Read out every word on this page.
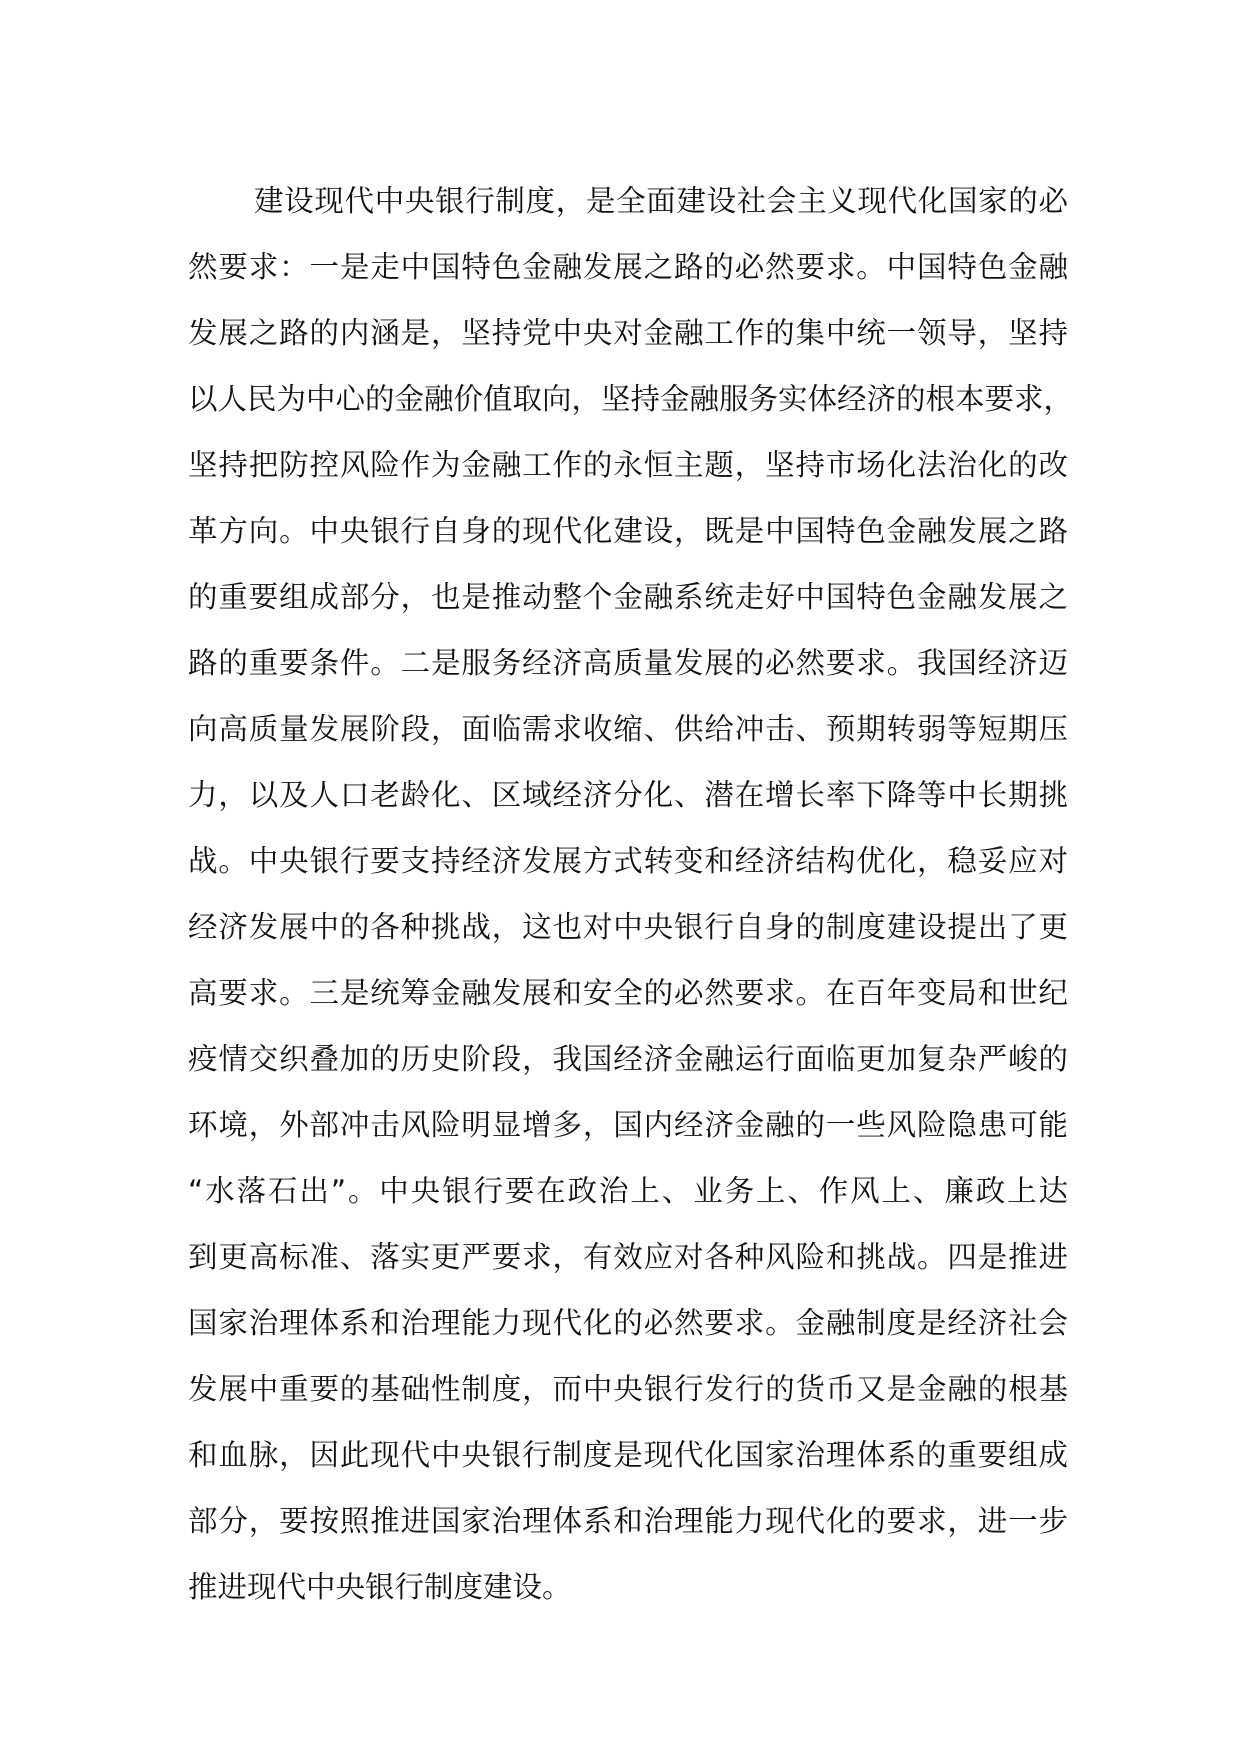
建设现代中央银行制度，是全面建设社会主义现代化国家的必
然要求：一是走中国特色金融发展之路的必然要求。中国特色金融
发展之路的内涵是，坚持党中央对金融工作的集中统一领导，坚持
以人民为中心的金融价值取向，坚持金融服务实体经济的根本要求，
坚持把防控风险作为金融工作的永恒主题，坚持市场化法治化的改
革方向。中央银行自身的现代化建设，既是中国特色金融发展之路
的重要组成部分，也是推动整个金融系统走好中国特色金融发展之
路的重要条件。二是服务经济高质量发展的必然要求。我国经济迈
向高质量发展阶段，面临需求收缩、供给冲击、预期转弱等短期压
力，以及人口老龄化、区域经济分化、潜在增长率下降等中长期挑
战。中央银行要支持经济发展方式转变和经济结构优化，稳妥应对
经济发展中的各种挑战，这也对中央银行自身的制度建设提出了更
高要求。三是统筹金融发展和安全的必然要求。在百年变局和世纪
疫情交织叠加的历史阶段，我国经济金融运行面临更加复杂严峻的
环境，外部冲击风险明显增多，国内经济金融的一些风险隐患可能
“水落石出”。中央银行要在政治上、业务上、作风上、廉政上达
到更高标准、落实更严要求，有效应对各种风险和挑战。四是推进
国家治理体系和治理能力现代化的必然要求。金融制度是经济社会
发展中重要的基础性制度，而中央银行发行的货币又是金融的根基
和血脉，因此现代中央银行制度是现代化国家治理体系的重要组成
部分，要按照推进国家治理体系和治理能力现代化的要求，进一步
推进现代中央银行制度建设。
